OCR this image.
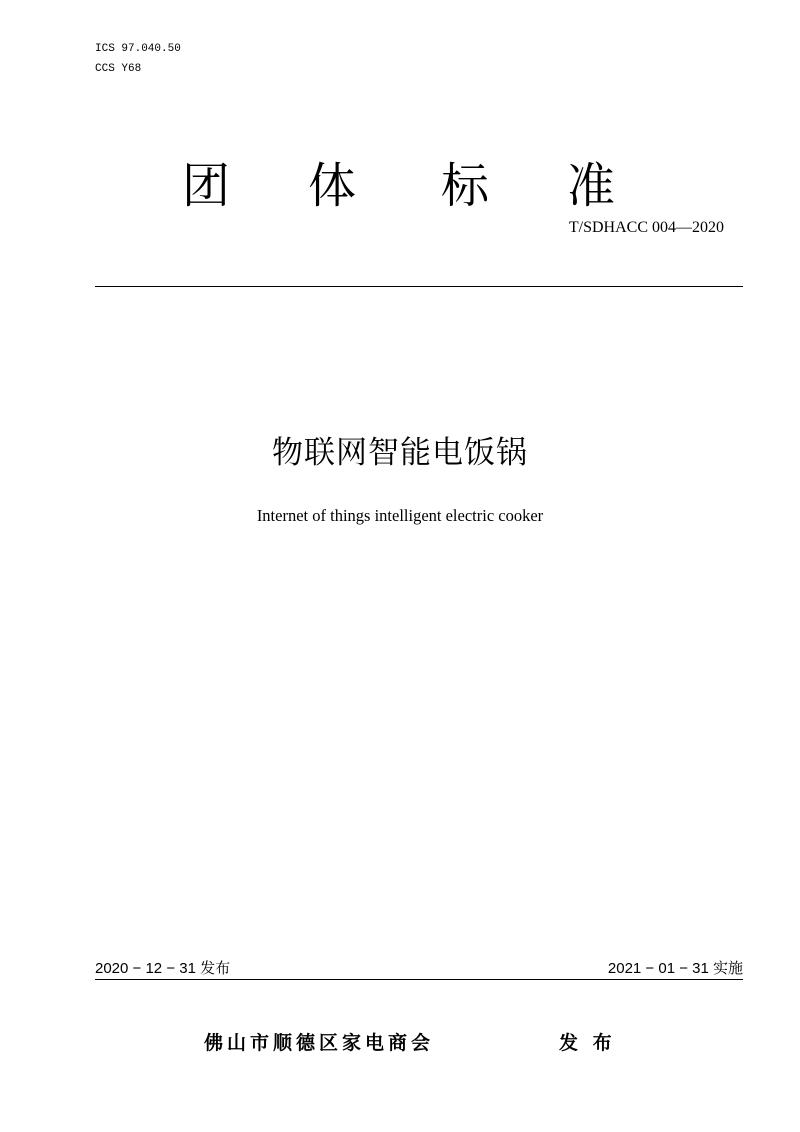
ICS 97.040.50
CCS Y68
团 体 标 准
T/SDHACC 004—2020
物联网智能电饭锅
Internet of things intelligent electric cooker
2020 − 12 − 31 发布	2021 − 01 − 31 实施
佛山市顺德区家电商会	发 布
